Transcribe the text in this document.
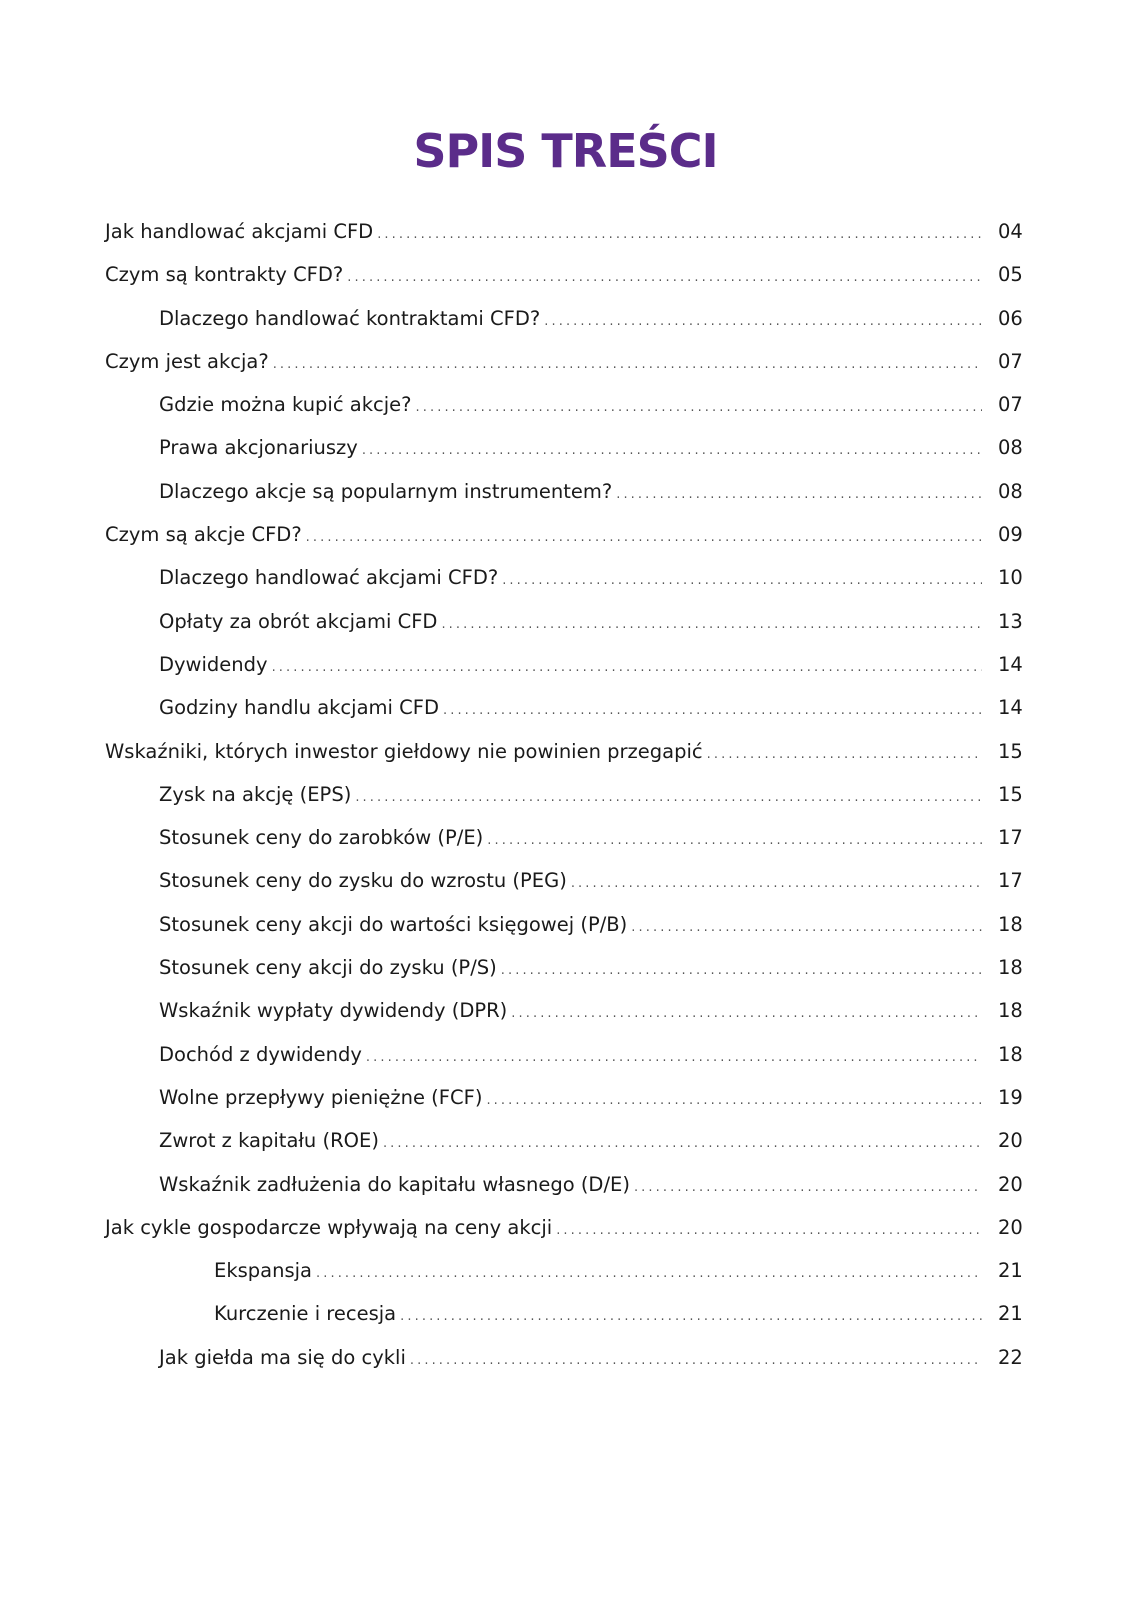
SPIS TREŚCI
Jak handlować akcjami CFD .....	04
Czym są kontrakty CFD? .....	05
Dlaczego handlować kontraktami CFD? .....	06
Czym jest akcja? .....	07
Gdzie można kupić akcje? .....	07
Prawa akcjonariuszy .....	08
Dlaczego akcje są popularnym instrumentem? .....	08
Czym są akcje CFD? .....	09
Dlaczego handlować akcjami CFD? .....	10
Opłaty za obrót akcjami CFD .....	13
Dywidendy .....	14
Godziny handlu akcjami CFD .....	14
Wskaźniki, których inwestor giełdowy nie powinien przegapić .....	15
Zysk na akcję (EPS) .....	15
Stosunek ceny do zarobków (P/E) .....	17
Stosunek ceny do zysku do wzrostu (PEG) .....	17
Stosunek ceny akcji do wartości księgowej (P/B) .....	18
Stosunek ceny akcji do zysku (P/S) .....	18
Wskaźnik wypłaty dywidendy (DPR) .....	18
Dochód z dywidendy .....	18
Wolne przepływy pieniężne (FCF) .....	19
Zwrot z kapitału (ROE) .....	20
Wskaźnik zadłużenia do kapitału własnego (D/E) .....	20
Jak cykle gospodarcze wpływają na ceny akcji .....	20
Ekspansja .....	21
Kurczenie i recesja .....	21
Jak giełda ma się do cykli .....	22
